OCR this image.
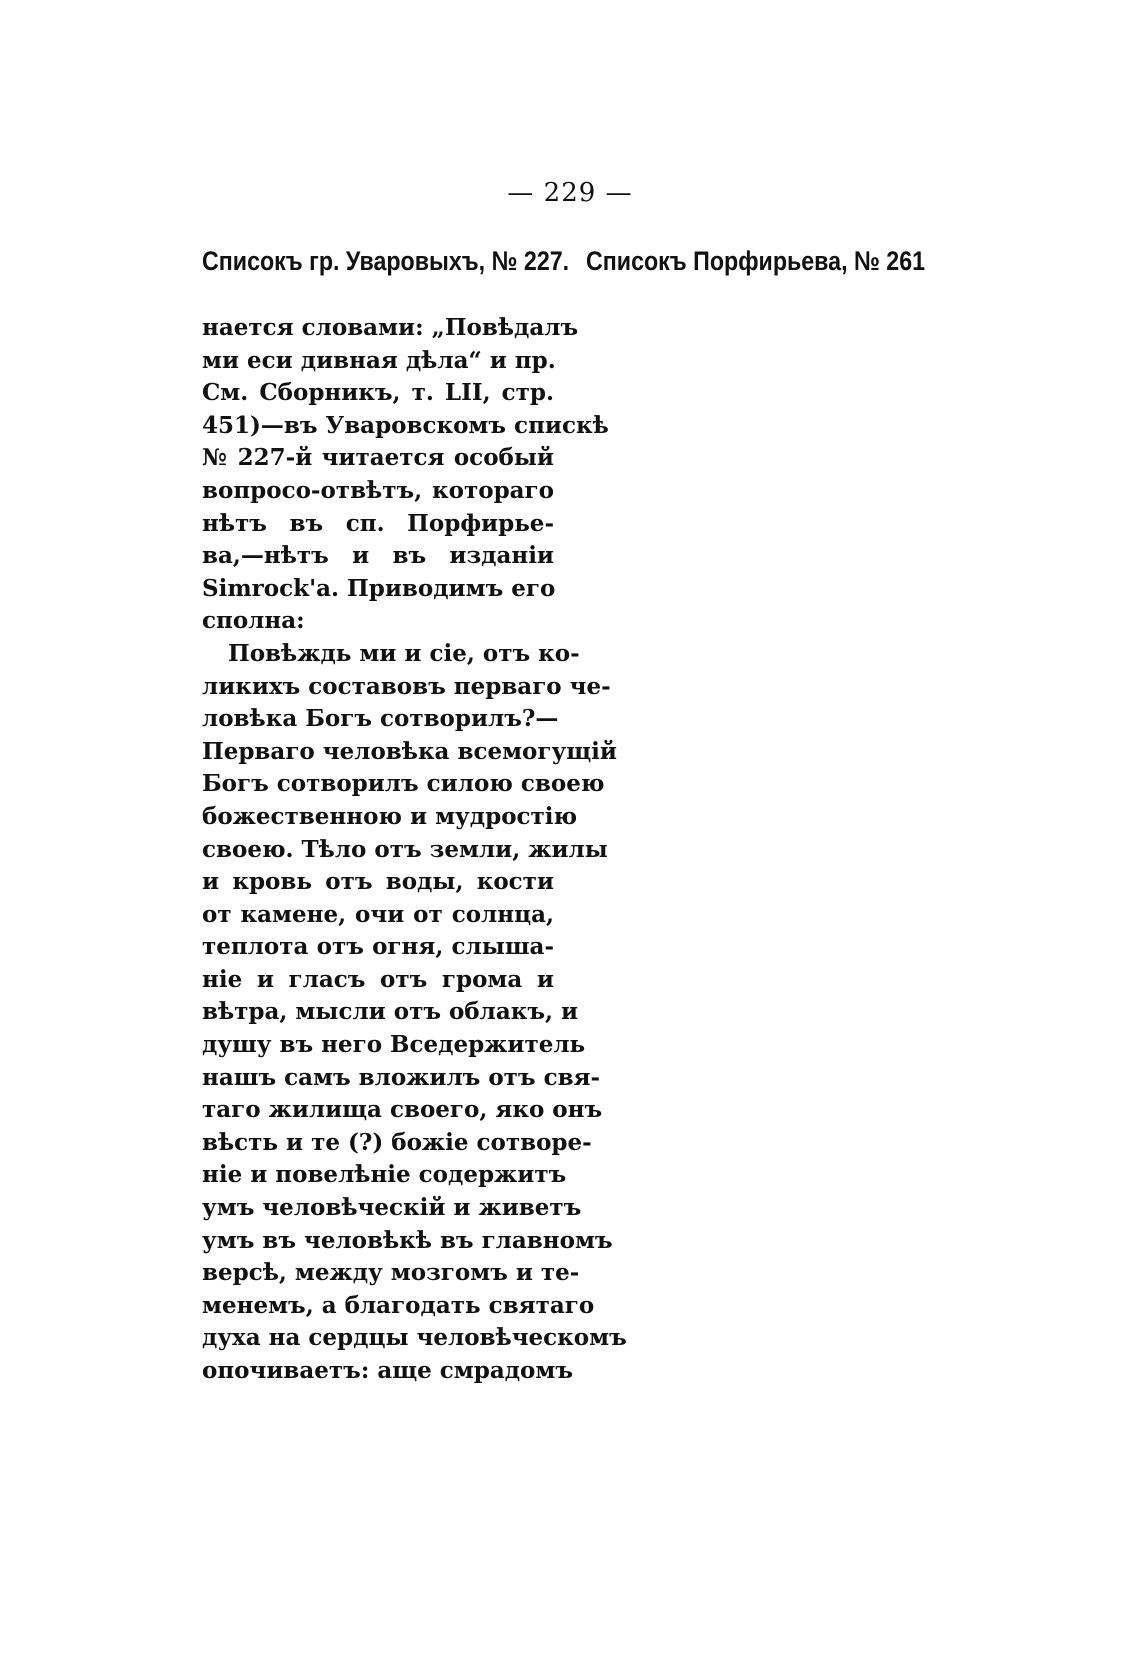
— 229 —
Списокъ гр. Уваровыхъ, № 227. Списокъ Порфирьева, № 261
нается словами: „Повѣдалъ
ми еси дивная дѣла“ и пр.
См. Сборникъ, т. LII, стр.
451)—въ Уваровскомъ спискѣ
№ 227-й читается особый
вопросо-отвѣтъ, котораго
нѣтъ въ сп. Порфирье-
ва,—нѣтъ и въ изданіи
Simrock'a. Приводимъ его
сполна:
Повѣждь ми и сіе, отъ ко-
ликихъ составовъ перваго че-
ловѣка Богъ сотворилъ?—
Перваго человѣка всемогущій
Богъ сотворилъ силою своею
божественною и мудростію
своею. Тѣло отъ земли, жилы
и кровь отъ воды, кости
от камене, очи от солнца,
теплота отъ огня, слыша-
ніе и гласъ отъ грома и
вѣтра, мысли отъ облакъ, и
душу въ него Вседержитель
нашъ самъ вложилъ отъ свя-
таго жилища своего, яко онъ
вѣсть и те (?) божіе сотворе-
ніе и повелѣніе содержитъ
умъ человѣческій и живетъ
умъ въ человѣкѣ въ главномъ
версѣ, между мозгомъ и те-
менемъ, а благодать святаго
духа на сердцы человѣческомъ
опочиваетъ: аще смрадомъ
